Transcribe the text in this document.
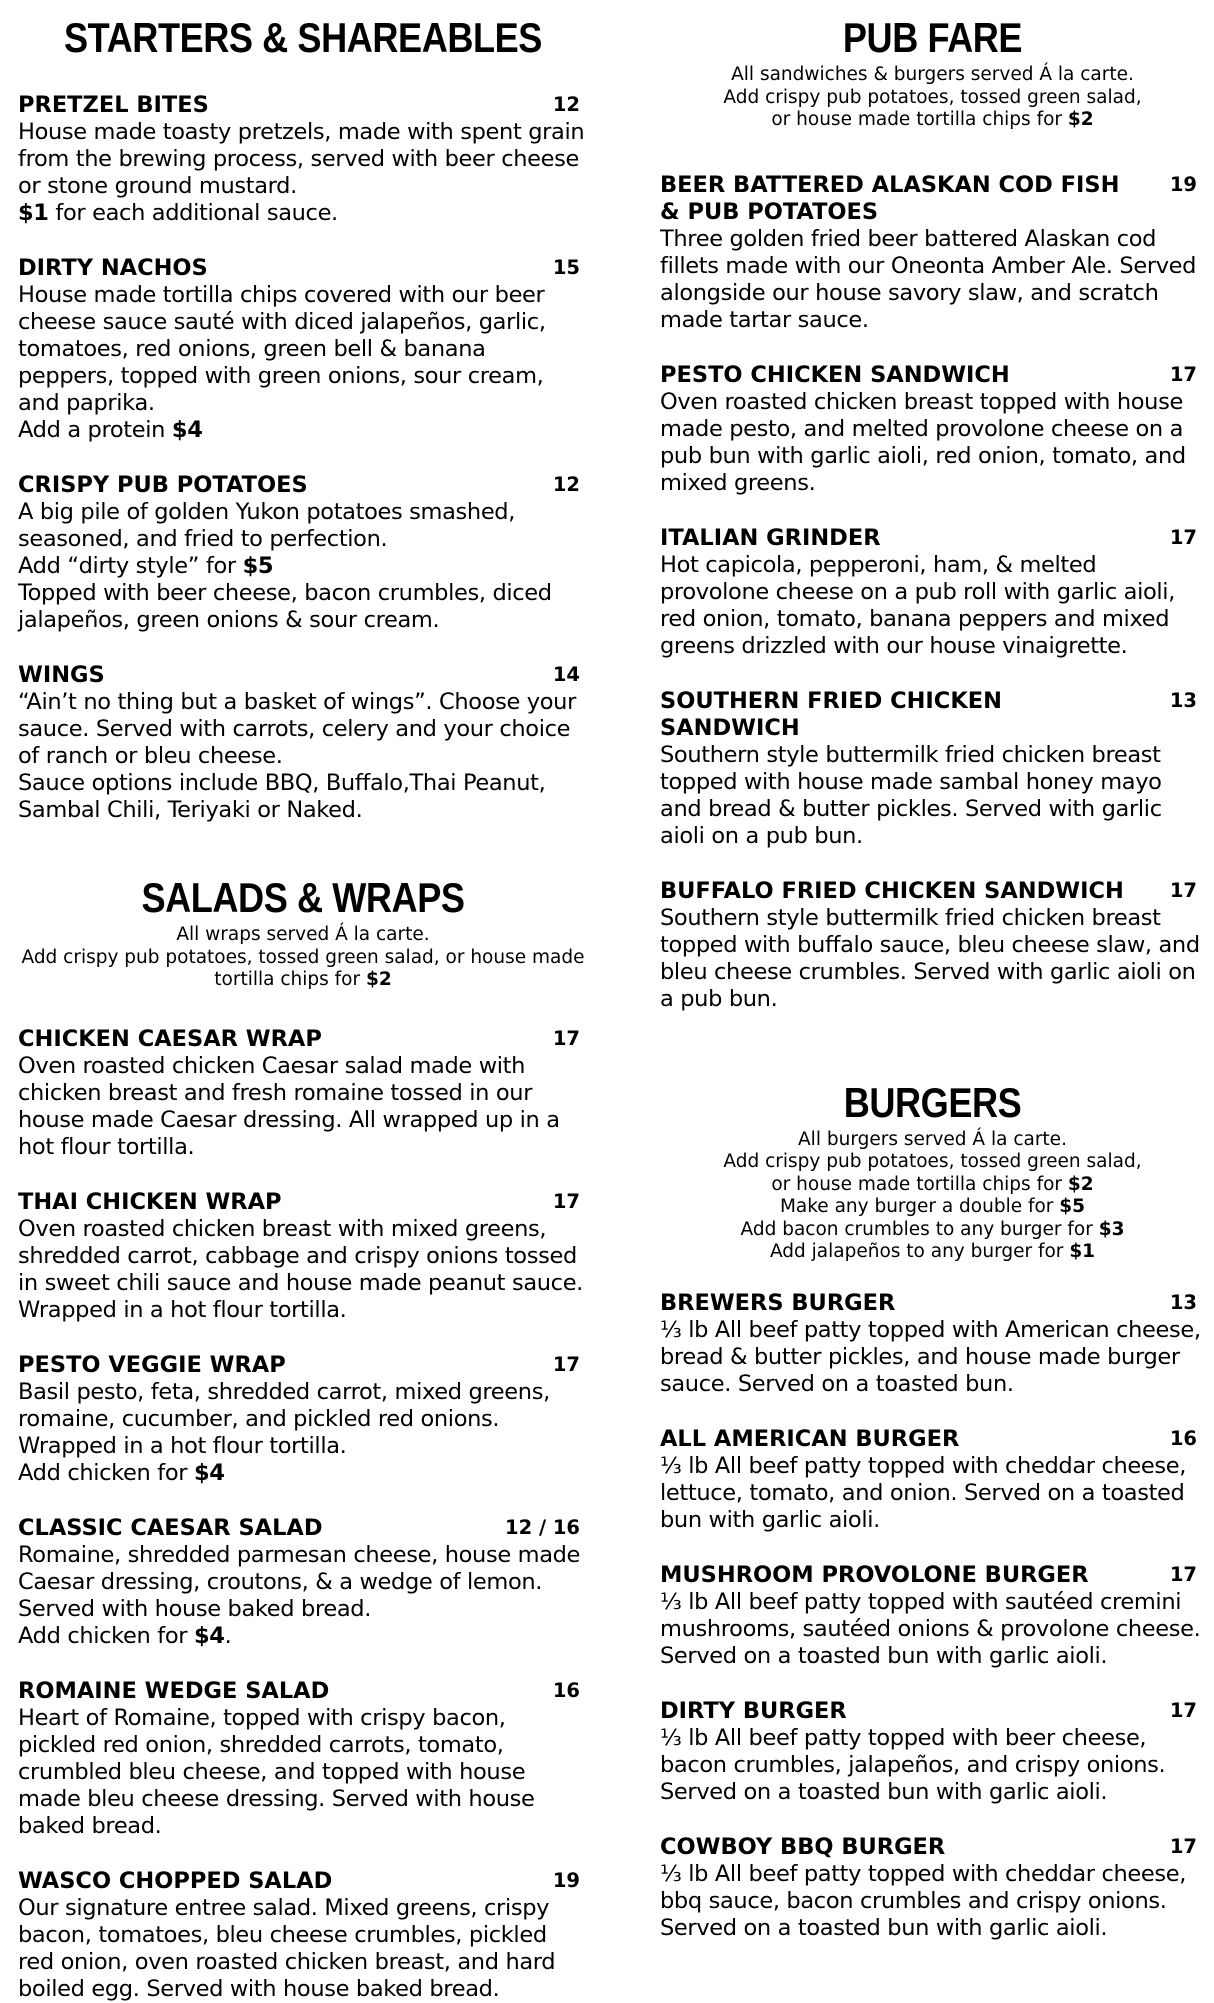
STARTERS & SHAREABLES
PRETZEL BITES	12
House made toasty pretzels, made with spent grain from the brewing process, served with beer cheese or stone ground mustard.
$1 for each additional sauce.
DIRTY NACHOS	15
House made tortilla chips covered with our beer cheese sauce sauté with diced jalapeños, garlic, tomatoes, red onions, green bell & banana peppers, topped with green onions, sour cream, and paprika.
Add a protein $4
CRISPY PUB POTATOES	12
A big pile of golden Yukon potatoes smashed, seasoned, and fried to perfection.
Add “dirty style” for $5
Topped with beer cheese, bacon crumbles, diced jalapeños, green onions & sour cream.
WINGS	14
“Ain’t no thing but a basket of wings”. Choose your sauce. Served with carrots, celery and your choice of ranch or bleu cheese.
Sauce options include BBQ, Buffalo,Thai Peanut, Sambal Chili, Teriyaki or Naked.
SALADS & WRAPS
All wraps served Á la carte.
Add crispy pub potatoes, tossed green salad, or house made tortilla chips for $2
CHICKEN CAESAR WRAP	17
Oven roasted chicken Caesar salad made with chicken breast and fresh romaine tossed in our house made Caesar dressing. All wrapped up in a hot flour tortilla.
THAI CHICKEN WRAP	17
Oven roasted chicken breast with mixed greens, shredded carrot, cabbage and crispy onions tossed in sweet chili sauce and house made peanut sauce. Wrapped in a hot flour tortilla.
PESTO VEGGIE WRAP	17
Basil pesto, feta, shredded carrot, mixed greens, romaine, cucumber, and pickled red onions. Wrapped in a hot flour tortilla.
Add chicken for $4
CLASSIC CAESAR SALAD	12 / 16
Romaine, shredded parmesan cheese, house made Caesar dressing, croutons, & a wedge of lemon. Served with house baked bread.
Add chicken for $4.
ROMAINE WEDGE SALAD	16
Heart of Romaine, topped with crispy bacon, pickled red onion, shredded carrots, tomato, crumbled bleu cheese, and topped with house made bleu cheese dressing. Served with house baked bread.
WASCO CHOPPED SALAD	19
Our signature entree salad. Mixed greens, crispy bacon, tomatoes, bleu cheese crumbles, pickled red onion, oven roasted chicken breast, and hard boiled egg. Served with house baked bread.
PUB FARE
All sandwiches & burgers served Á la carte.
Add crispy pub potatoes, tossed green salad,
or house made tortilla chips for $2
BEER BATTERED ALASKAN COD FISH & PUB POTATOES
19
Three golden fried beer battered Alaskan cod fillets made with our Oneonta Amber Ale. Served alongside our house savory slaw, and scratch made tartar sauce.
PESTO CHICKEN SANDWICH	17
Oven roasted chicken breast topped with house made pesto, and melted provolone cheese on a pub bun with garlic aioli, red onion, tomato, and mixed greens.
ITALIAN GRINDER	17
Hot capicola, pepperoni, ham, & melted provolone cheese on a pub roll with garlic aioli, red onion, tomato, banana peppers and mixed greens drizzled with our house vinaigrette.
SOUTHERN FRIED CHICKEN SANDWICH
13
Southern style buttermilk fried chicken breast topped with house made sambal honey mayo and bread & butter pickles. Served with garlic aioli on a pub bun.
BUFFALO FRIED CHICKEN SANDWICH	17
Southern style buttermilk fried chicken breast topped with buffalo sauce, bleu cheese slaw, and bleu cheese crumbles. Served with garlic aioli on a pub bun.
BURGERS
All burgers served Á la carte.
Add crispy pub potatoes, tossed green salad,
or house made tortilla chips for $2
Make any burger a double for $5
Add bacon crumbles to any burger for $3
Add jalapeños to any burger for $1
BREWERS BURGER	13
⅓ lb All beef patty topped with American cheese, bread & butter pickles, and house made burger sauce. Served on a toasted bun.
ALL AMERICAN BURGER	16
⅓ lb All beef patty topped with cheddar cheese, lettuce, tomato, and onion. Served on a toasted bun with garlic aioli.
MUSHROOM PROVOLONE BURGER	17
⅓ lb All beef patty topped with sautéed cremini mushrooms, sautéed onions & provolone cheese. Served on a toasted bun with garlic aioli.
DIRTY BURGER	17
⅓ lb All beef patty topped with beer cheese, bacon crumbles, jalapeños, and crispy onions. Served on a toasted bun with garlic aioli.
COWBOY BBQ BURGER	17
⅓ lb All beef patty topped with cheddar cheese, bbq sauce, bacon crumbles and crispy onions. Served on a toasted bun with garlic aioli.
